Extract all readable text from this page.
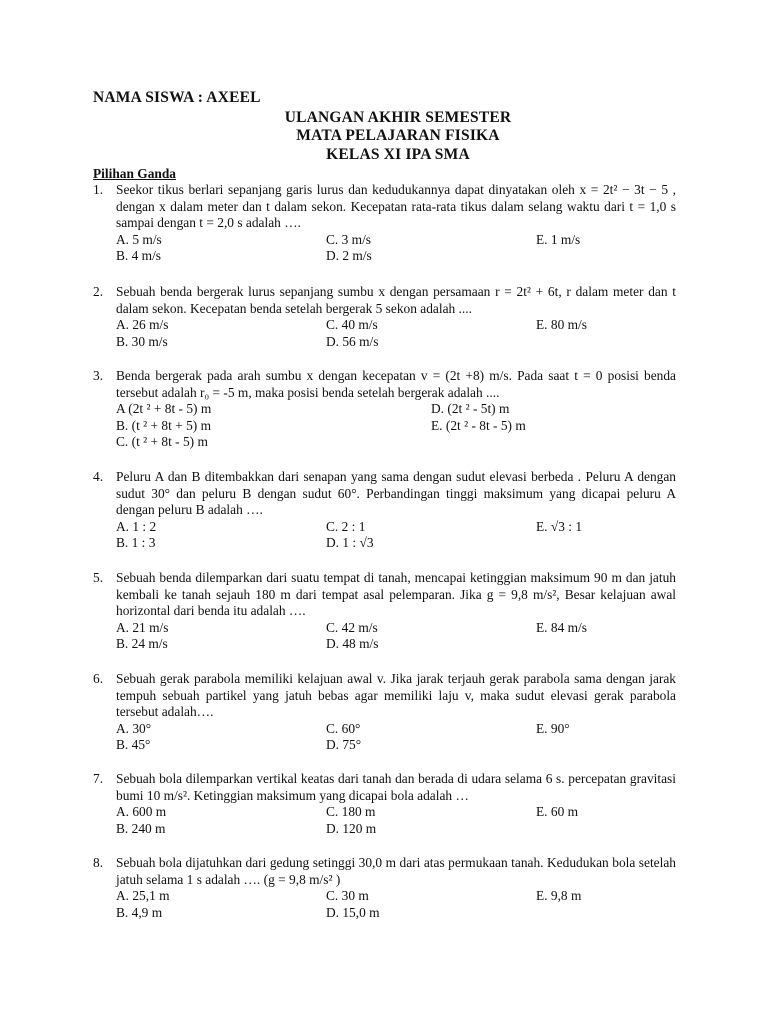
NAMA SISWA : AXEEL
ULANGAN AKHIR SEMESTER
MATA PELAJARAN FISIKA
KELAS XI IPA SMA
Pilihan Ganda
1. Seekor tikus berlari sepanjang garis lurus dan kedudukannya dapat dinyatakan oleh x = 2t² − 3t − 5 , dengan x dalam meter dan t dalam sekon. Kecepatan rata-rata tikus dalam selang waktu dari t = 1,0 s sampai dengan t = 2,0 s adalah ….
A. 5 m/s	C. 3 m/s	E. 1 m/s
B. 4 m/s	D. 2 m/s
2. Sebuah benda bergerak lurus sepanjang sumbu x dengan persamaan r = 2t² + 6t, r dalam meter dan t dalam sekon. Kecepatan benda setelah bergerak 5 sekon adalah ....
A. 26 m/s	C. 40 m/s	E. 80 m/s
B. 30 m/s	D. 56 m/s
3. Benda bergerak pada arah sumbu x dengan kecepatan v = (2t +8) m/s. Pada saat t = 0 posisi benda tersebut adalah r₀ = -5 m, maka posisi benda setelah bergerak adalah ....
A (2t ² + 8t - 5) m	D. (2t ² - 5t) m
B. (t ² + 8t + 5) m	E. (2t ² - 8t - 5) m
C. (t ² + 8t - 5) m
4. Peluru A dan B ditembakkan dari senapan yang sama dengan sudut elevasi berbeda . Peluru A dengan sudut 30° dan peluru B dengan sudut 60°. Perbandingan tinggi maksimum yang dicapai peluru A dengan peluru B adalah ….
A. 1 : 2	C. 2 : 1	E. √3 : 1
B. 1 : 3	D. 1 : √3
5. Sebuah benda dilemparkan dari suatu tempat di tanah, mencapai ketinggian maksimum 90 m dan jatuh kembali ke tanah sejauh 180 m dari tempat asal pelemparan. Jika g = 9,8 m/s², Besar kelajuan awal horizontal dari benda itu adalah ….
A. 21 m/s	C. 42 m/s	E. 84 m/s
B. 24 m/s	D. 48 m/s
6. Sebuah gerak parabola memiliki kelajuan awal v. Jika jarak terjauh gerak parabola sama dengan jarak tempuh sebuah partikel yang jatuh bebas agar memiliki laju v, maka sudut elevasi gerak parabola tersebut adalah….
A. 30°	C. 60°	E. 90°
B. 45°	D. 75°
7. Sebuah bola dilemparkan vertikal keatas dari tanah dan berada di udara selama 6 s. percepatan gravitasi bumi 10 m/s². Ketinggian maksimum yang dicapai bola adalah …
A. 600 m	C. 180 m	E. 60 m
B. 240 m	D. 120 m
8. Sebuah bola dijatuhkan dari gedung setinggi 30,0 m dari atas permukaan tanah. Kedudukan bola setelah jatuh selama 1 s adalah …. (g = 9,8 m/s² )
A. 25,1 m	C. 30 m	E. 9,8 m
B. 4,9 m	D. 15,0 m
